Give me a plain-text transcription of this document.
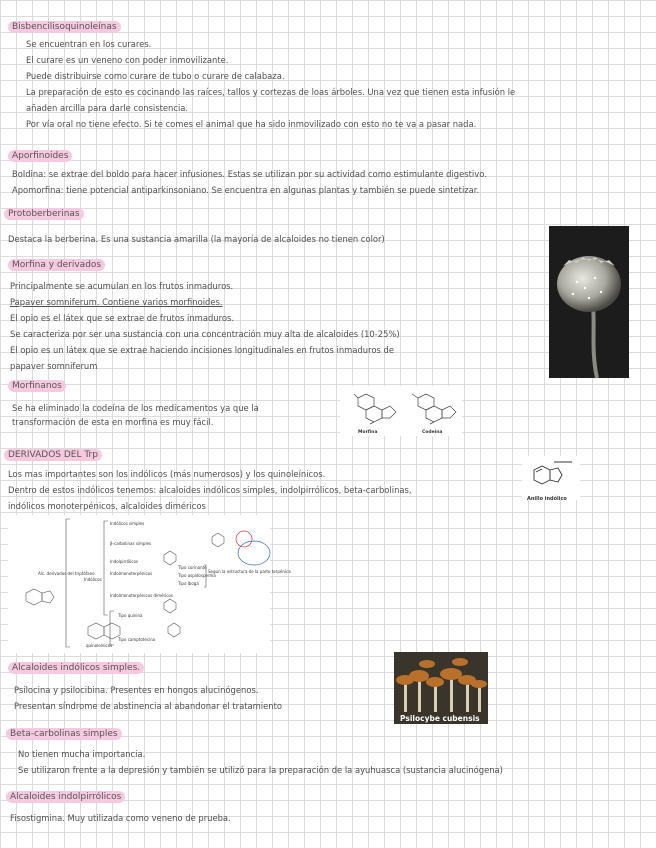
Bisbencilisoquinoleínas
Se encuentran en los curares.
El curare es un veneno con poder inmovilizante.
Puede distribuirse como curare de tubo o curare de calabaza.
La preparación de esto es cocinando las raíces, tallos y cortezas de loas árboles. Una vez que tienen esta infusión le
añaden arcilla para darle consistencia.
Por vía oral no tiene efecto. Si te comes el animal que ha sido inmovilizado con esto no te va a pasar nada.
Aporfinoides
Boldina: se extrae del boldo para hacer infusiones. Estas se utilizan por su actividad como estimulante digestivo.
Apomorfina: tiene potencial antiparkinsoniano. Se encuentra en algunas plantas y también se puede sintetizar.
Protoberberinas
Destaca la berberina. Es una sustancia amarilla (la mayoría de alcaloides no tienen color)
Morfina y derivados
Principalmente se acumulan en los frutos inmaduros.
Papaver somniferum. Contiene varios morfinoides.
El opio es el látex que se extrae de frutos inmaduros.
Se caracteriza por ser una sustancia con una concentración muy alta de alcaloides (10-25%)
El opio es un látex que se extrae haciendo incisiones longitudinales en frutos inmaduros de
papaver somniferum
Morfinanos
Se ha eliminado la codeína de los medicamentos ya que la
transformación de esta en morfina es muy fácil.
Morfina	Codeína
DERIVADOS DEL Trp
Los mas importantes son los indólicos (más numerosos) y los quinoleínicos.
Dentro de estos indólicos tenemos: alcaloides indólicos simples, indolpirrólicos, beta-carbolinas,
indólicos monoterpénicos, alcaloides diméricos
Anillo indólico
Alc. derivados del triptófano
Indólicos
Indólicos simples
β-carbolinas simples
Indolpirrólicos
Indolmonoterpénicos
Indolmonoterpénicos diméricos
Tipo corinante
Tipo aspidosperma
Tipo iboga
Según la estructura de la parte terpénica
quinoleínicos
Tipo quinina
Tipo camptotecina
Alcaloides indólicos simples.
Psilocina y psilocibina. Presentes en hongos alucinógenos.
Presentan síndrome de abstinencia al abandonar el tratamiento
Psilocybe cubensis
Beta-carbolinas simples
No tienen mucha importancia.
Se utilizaron frente a la depresión y también se utilizó para la preparación de la ayuhuasca (sustancia alucinógena)
Alcaloides indolpirrólicos
Fisostigmina. Muy utilizada como veneno de prueba.
